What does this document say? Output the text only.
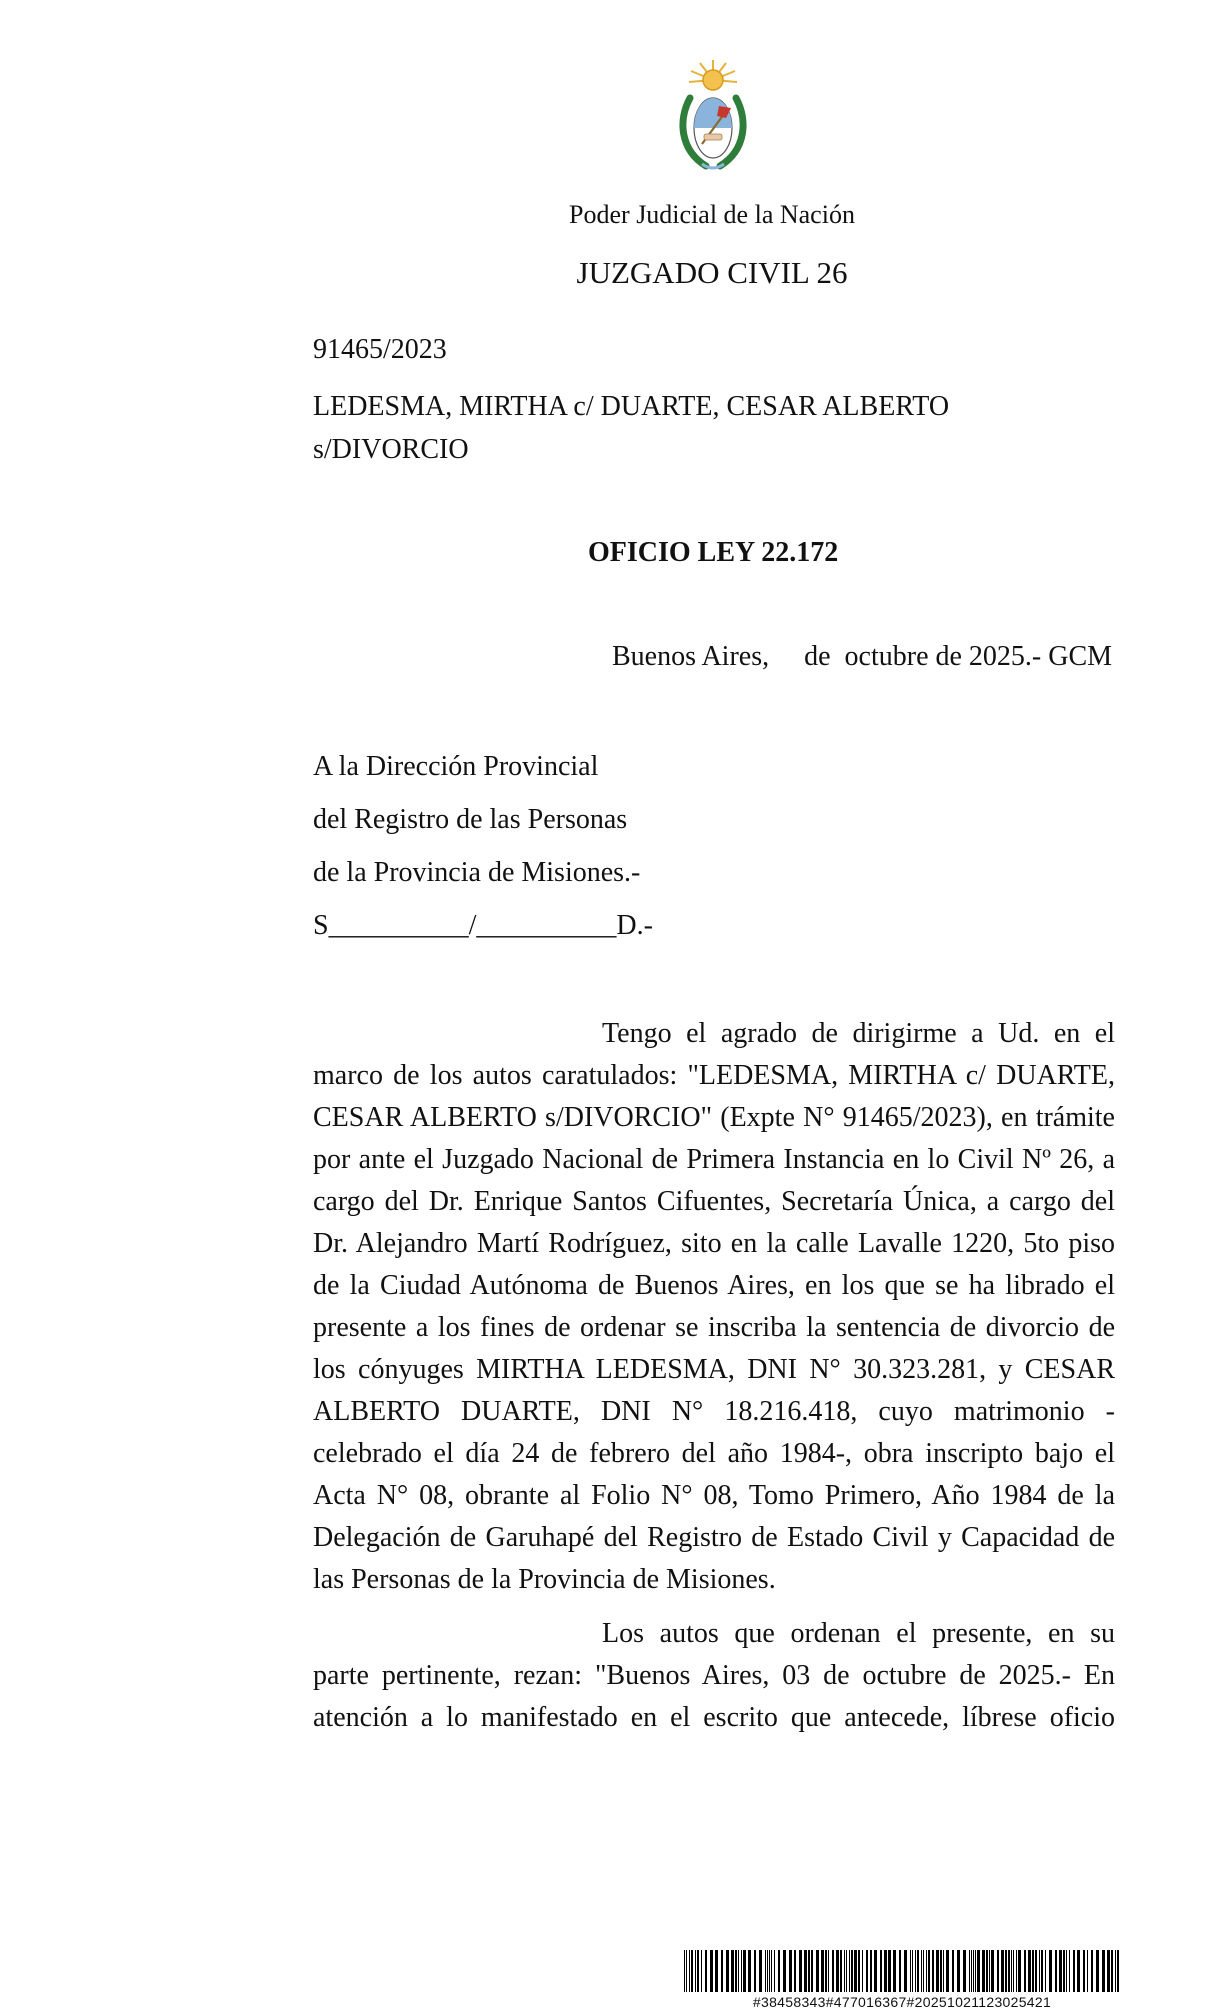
Poder Judicial de la Nación
JUZGADO CIVIL 26
91465/2023
LEDESMA, MIRTHA c/ DUARTE, CESAR ALBERTO s/DIVORCIO
OFICIO LEY 22.172
Buenos Aires,     de  octubre de 2025.- GCM
A la Dirección Provincial
del Registro de las Personas
de la Provincia de Misiones.-
S__________/__________D.-

Tengo el agrado de dirigirme a Ud. en el marco de los autos caratulados: "LEDESMA, MIRTHA c/ DUARTE, CESAR ALBERTO s/DIVORCIO" (Expte N° 91465/2023), en trámite por ante el Juzgado Nacional de Primera Instancia en lo Civil Nº 26, a cargo del Dr. Enrique Santos Cifuentes, Secretaría Única, a cargo del Dr. Alejandro Martí Rodríguez, sito en la calle Lavalle 1220, 5to piso de la Ciudad Autónoma de Buenos Aires, en los que se ha librado el presente a los fines de ordenar se inscriba la sentencia de divorcio de los cónyuges MIRTHA LEDESMA, DNI N° 30.323.281, y CESAR ALBERTO DUARTE, DNI N° 18.216.418, cuyo matrimonio -celebrado el día 24 de febrero del año 1984-, obra inscripto bajo el Acta N° 08, obrante al Folio N° 08, Tomo Primero, Año 1984 de la Delegación de Garuhapé del Registro de Estado Civil y Capacidad de las Personas de la Provincia de Misiones.

Los autos que ordenan el presente, en su parte pertinente, rezan: "Buenos Aires, 03 de octubre de 2025.- En atención a lo manifestado en el escrito que antecede, líbrese oficio

#38458343#477016367#20251021123025421
